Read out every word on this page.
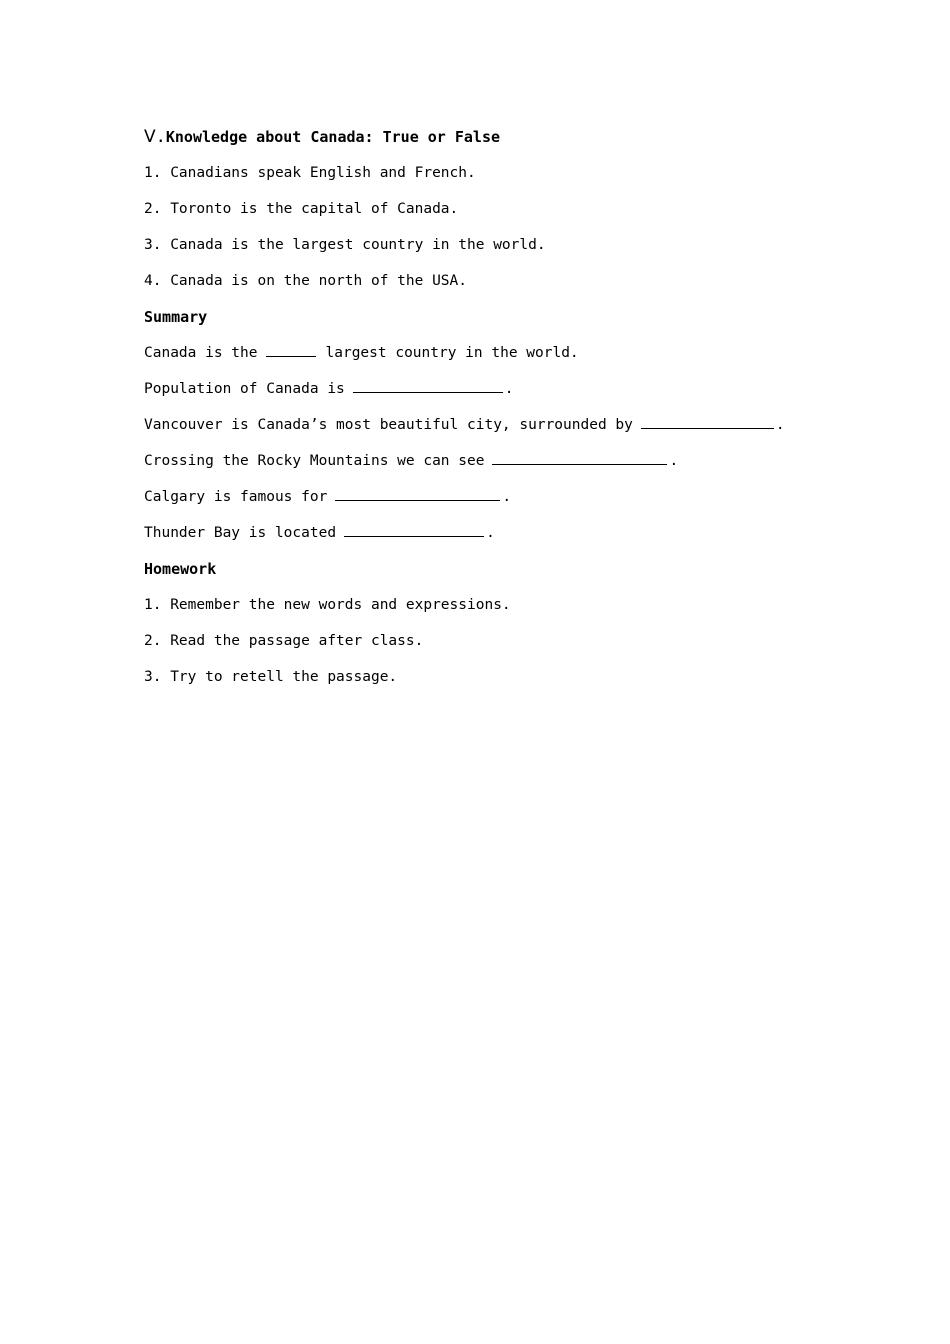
Ⅴ.Knowledge about Canada: True or False
1. Canadians speak English and French.
2. Toronto is the capital of Canada.
3. Canada is the largest country in the world.
4. Canada is on the north of the USA.
Summary
Canada is the	largest country in the world.
Population of Canada is	.
Vancouver is Canada’s most beautiful city, surrounded by	.
Crossing the Rocky Mountains we can see	.
Calgary is famous for	.
Thunder Bay is located	.
Homework
1. Remember the new words and expressions.
2. Read the passage after class.
3. Try to retell the passage.
